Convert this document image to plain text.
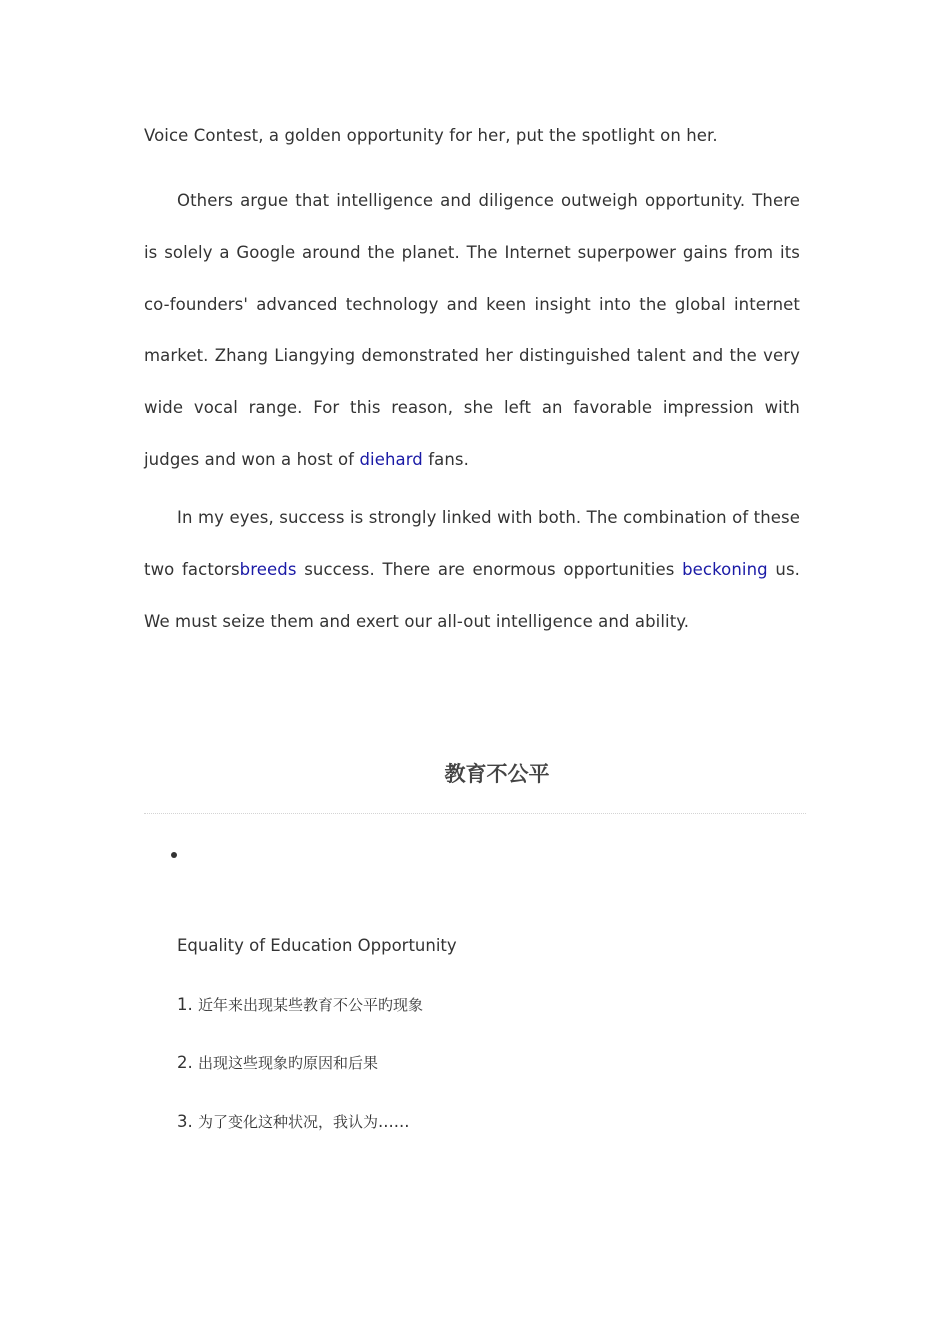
Voice Contest, a golden opportunity for her, put the spotlight on her.

Others argue that intelligence and diligence outweigh opportunity. There is solely a Google around the planet. The Internet superpower gains from its co-founders' advanced technology and keen insight into the global internet market. Zhang Liangying demonstrated her distinguished talent and the very wide vocal range. For this reason, she left an favorable impression with judges and won a host of diehard fans.

In my eyes, success is strongly linked with both. The combination of these two factorsbreeds success. There are enormous opportunities beckoning us. We must seize them and exert our all-out intelligence and ability.

教育不公平

Equality of Education Opportunity

1. 近年来出现某些教育不公平旳现象

2. 出现这些现象旳原因和后果

3. 为了变化这种状况，我认为......
